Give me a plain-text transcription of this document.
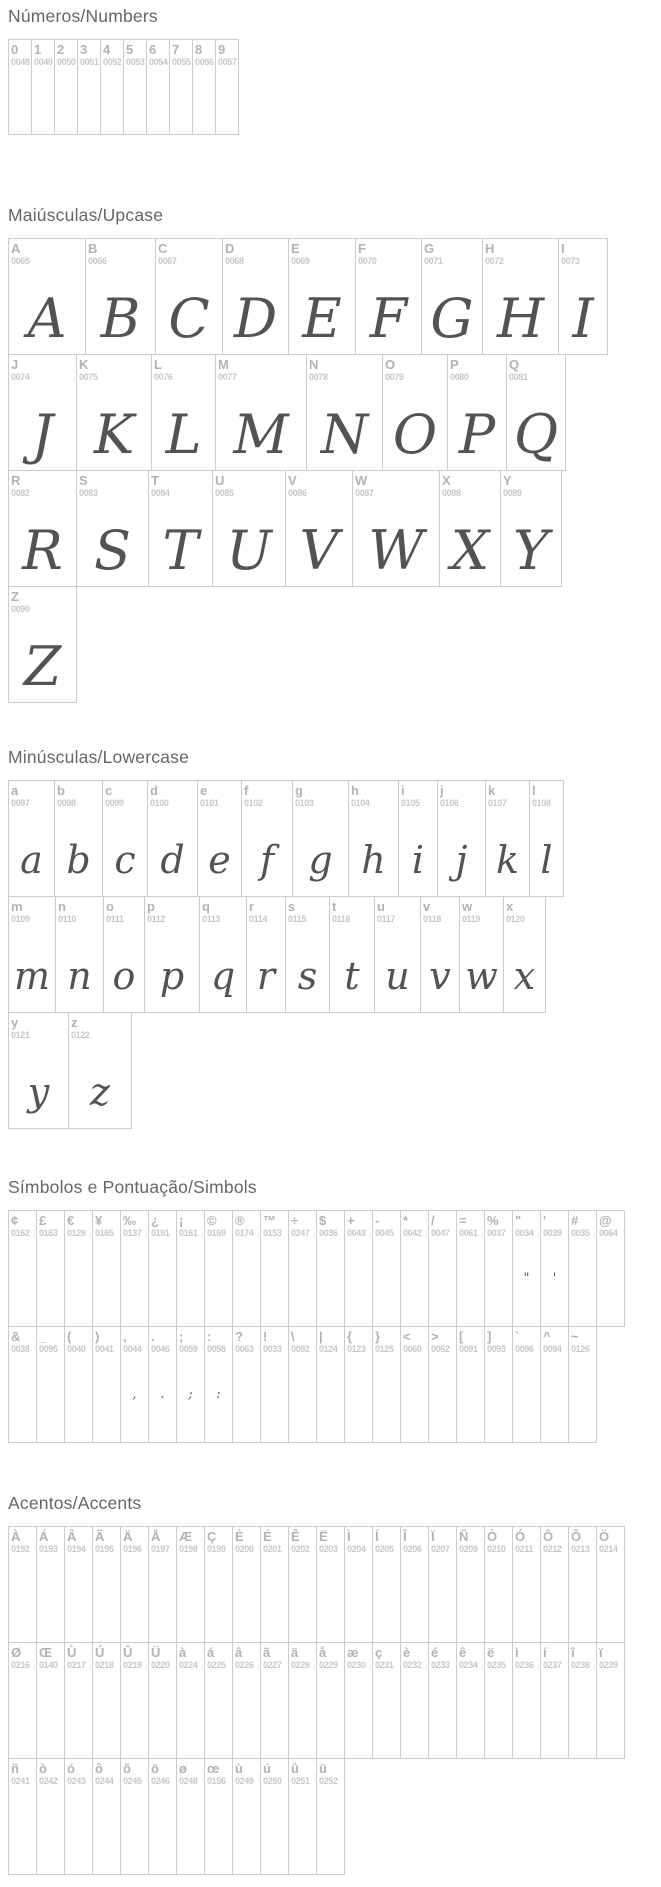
Números/Numbers
0
0048
1
0049
2
0050
3
0051
4
0052
5
0053
6
0054
7
0055
8
0056
9
0057
Maiúsculas/Upcase
A
0065
A
B
0066
B
C
0067
C
D
0068
D
E
0069
E
F
0070
F
G
0071
G
H
0072
H
I
0073
I
J
0074
J
K
0075
K
L
0076
L
M
0077
M
N
0078
N
O
0079
O
P
0080
P
Q
0081
Q
R
0082
R
S
0083
S
T
0084
T
U
0085
U
V
0086
V
W
0087
W
X
0088
X
Y
0089
Y
Z
0090
Z
Minúsculas/Lowercase
a
0097
a
b
0098
b
c
0099
c
d
0100
d
e
0101
e
f
0102
f
g
0103
g
h
0104
h
i
0105
i
j
0106
j
k
0107
k
l
0108
l
m
0109
m
n
0110
n
o
0111
o
p
0112
p
q
0113
q
r
0114
r
s
0115
s
t
0116
t
u
0117
u
v
0118
v
w
0119
w
x
0120
x
y
0121
y
z
0122
z
Símbolos e Pontuação/Simbols
¢
0162
£
0163
€
0128
¥
0165
‰
0137
¿
0191
¡
0161
©
0169
®
0174
™
0153
÷
0247
$
0036
+
0043
-
0045
*
0042
/
0047
=
0061
%
0037
"
0034
"
'
0039
'
#
0035
@
0064
&
0038
_
0095
(
0040
)
0041
,
0044
,
.
0046
.
;
0059
;
:
0058
:
?
0063
!
0033
\
0092
|
0124
{
0123
}
0125
<
0060
>
0062
[
0091
]
0093
`
0096
^
0094
~
0126
Acentos/Accents
À
0192
Á
0193
Â
0194
Ã
0195
Ä
0196
Å
0197
Æ
0198
Ç
0199
È
0200
É
0201
Ê
0202
Ë
0203
Ì
0204
Í
0205
Î
0206
Ï
0207
Ñ
0209
Ò
0210
Ó
0211
Ô
0212
Õ
0213
Ö
0214
Ø
0216
Œ
0140
Ù
0217
Ú
0218
Û
0219
Ü
0220
à
0224
á
0225
â
0226
ã
0227
ä
0228
å
0229
æ
0230
ç
0231
è
0232
é
0233
ê
0234
ë
0235
ì
0236
í
0237
î
0238
ï
0239
ñ
0241
ò
0242
ó
0243
ô
0244
õ
0245
ö
0246
ø
0248
œ
0156
ù
0249
ú
0250
û
0251
ü
0252
